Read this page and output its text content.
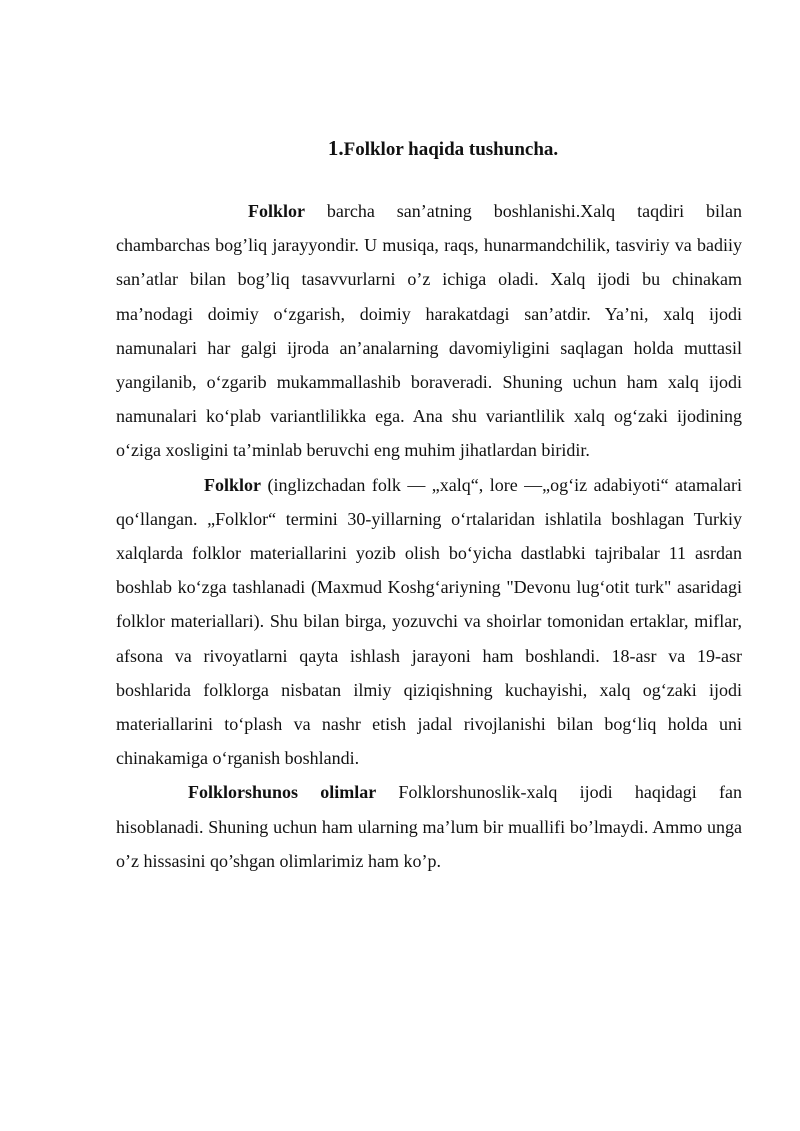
1.Folklor haqida tushuncha.

Folklor barcha san’atning boshlanishi.Xalq taqdiri bilan chambarchas bog’liq jarayyondir. U musiqa, raqs, hunarmandchilik, tasviriy va badiiy san’atlar bilan bog’liq tasavvurlarni o’z ichiga oladi. Xalq ijodi bu chinakam ma’nodagi doimiy o‘zgarish, doimiy harakatdagi san’atdir. Ya’ni, xalq ijodi namunalari har galgi ijroda an’analarning davomiyligini saqlagan holda muttasil yangilanib, o‘zgarib mukammallashib boraveradi. Shuning uchun ham xalq ijodi namunalari ko‘plab variantlilikka ega. Ana shu variantlilik xalq og‘zaki ijodining o‘ziga xosligini ta’minlab beruvchi eng muhim jihatlardan biridir.

Folklor (inglizchadan folk — „xalq“, lore —„og‘iz adabiyoti“ atamalari qo‘llangan. „Folklor“ termini 30-yillarning o‘rtalaridan ishlatila boshlagan Turkiy xalqlarda folklor materiallarini yozib olish bo‘yicha dastlabki tajribalar 11 asrdan boshlab ko‘zga tashlanadi (Maxmud Koshg‘ariyning "Devonu lug‘otit turk" asaridagi folklor materiallari). Shu bilan birga, yozuvchi va shoirlar tomonidan ertaklar, miflar, afsona va rivoyatlarni qayta ishlash jarayoni ham boshlandi. 18-asr va 19-asr boshlarida folklorga nisbatan ilmiy qiziqishning kuchayishi, xalq og‘zaki ijodi materiallarini to‘plash va nashr etish jadal rivojlanishi bilan bog‘liq holda uni chinakamiga o‘rganish boshlandi.

Folklorshunos olimlar Folklorshunoslik-xalq ijodi haqidagi fan hisoblanadi. Shuning uchun ham ularning ma’lum bir muallifi bo’lmaydi. Ammo unga o’z hissasini qo’shgan olimlarimiz ham ko’p.
